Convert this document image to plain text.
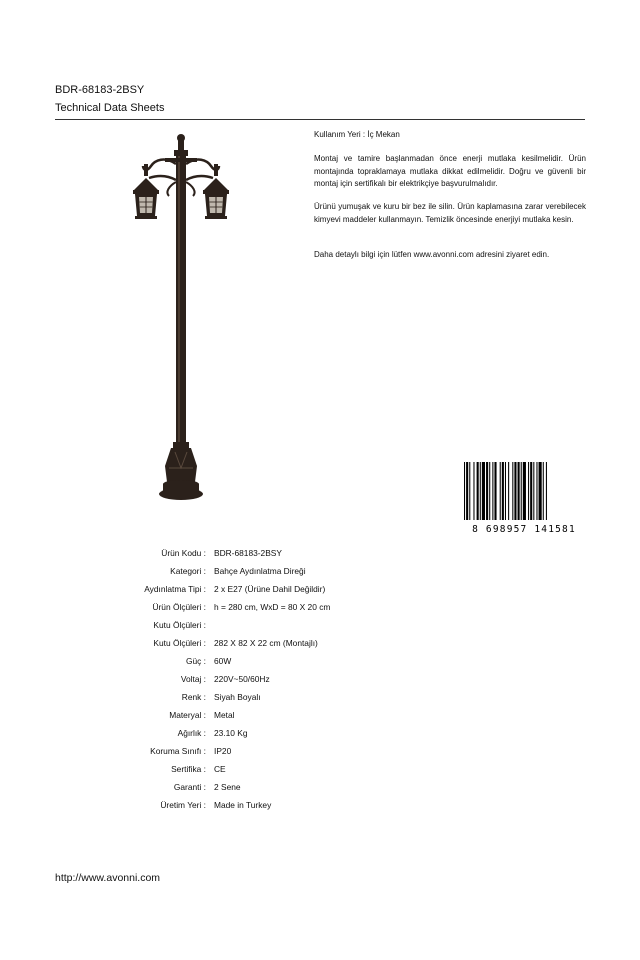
BDR-68183-2BSY
Technical Data Sheets
Kullanım Yeri : İç Mekan

Montaj ve tamire başlanmadan önce enerji mutlaka kesilmelidir. Ürün montajında topraklamaya mutlaka dikkat edilmelidir. Doğru ve güvenli bir montaj için sertifikalı bir elektrikçiye başvurulmalıdır.

Ürünü yumuşak ve kuru bir bez ile silin. Ürün kaplamasına zarar verebilecek kimyevi maddeler kullanmayın. Temizlik öncesinde enerjiyi mutlaka kesin.

Daha detaylı bilgi için lütfen www.avonni.com adresini ziyaret edin.

8 698957 141581
Ürün Kodu : BDR-68183-2BSY
Kategori : Bahçe Aydınlatma Direği
Aydınlatma Tipi : 2 x E27 (Ürüne Dahil Değildir)
Ürün Ölçüleri : h = 280 cm, WxD = 80 X 20 cm
Kutu Ölçüleri :
Kutu Ölçüleri : 282 X 82 X 22 cm (Montajlı)
Güç : 60W
Voltaj : 220V~50/60Hz
Renk : Siyah Boyalı
Materyal : Metal
Ağırlık : 23.10 Kg
Koruma Sınıfı : IP20
Sertifika : CE
Garanti : 2 Sene
Üretim Yeri : Made in Turkey
http://www.avonni.com
